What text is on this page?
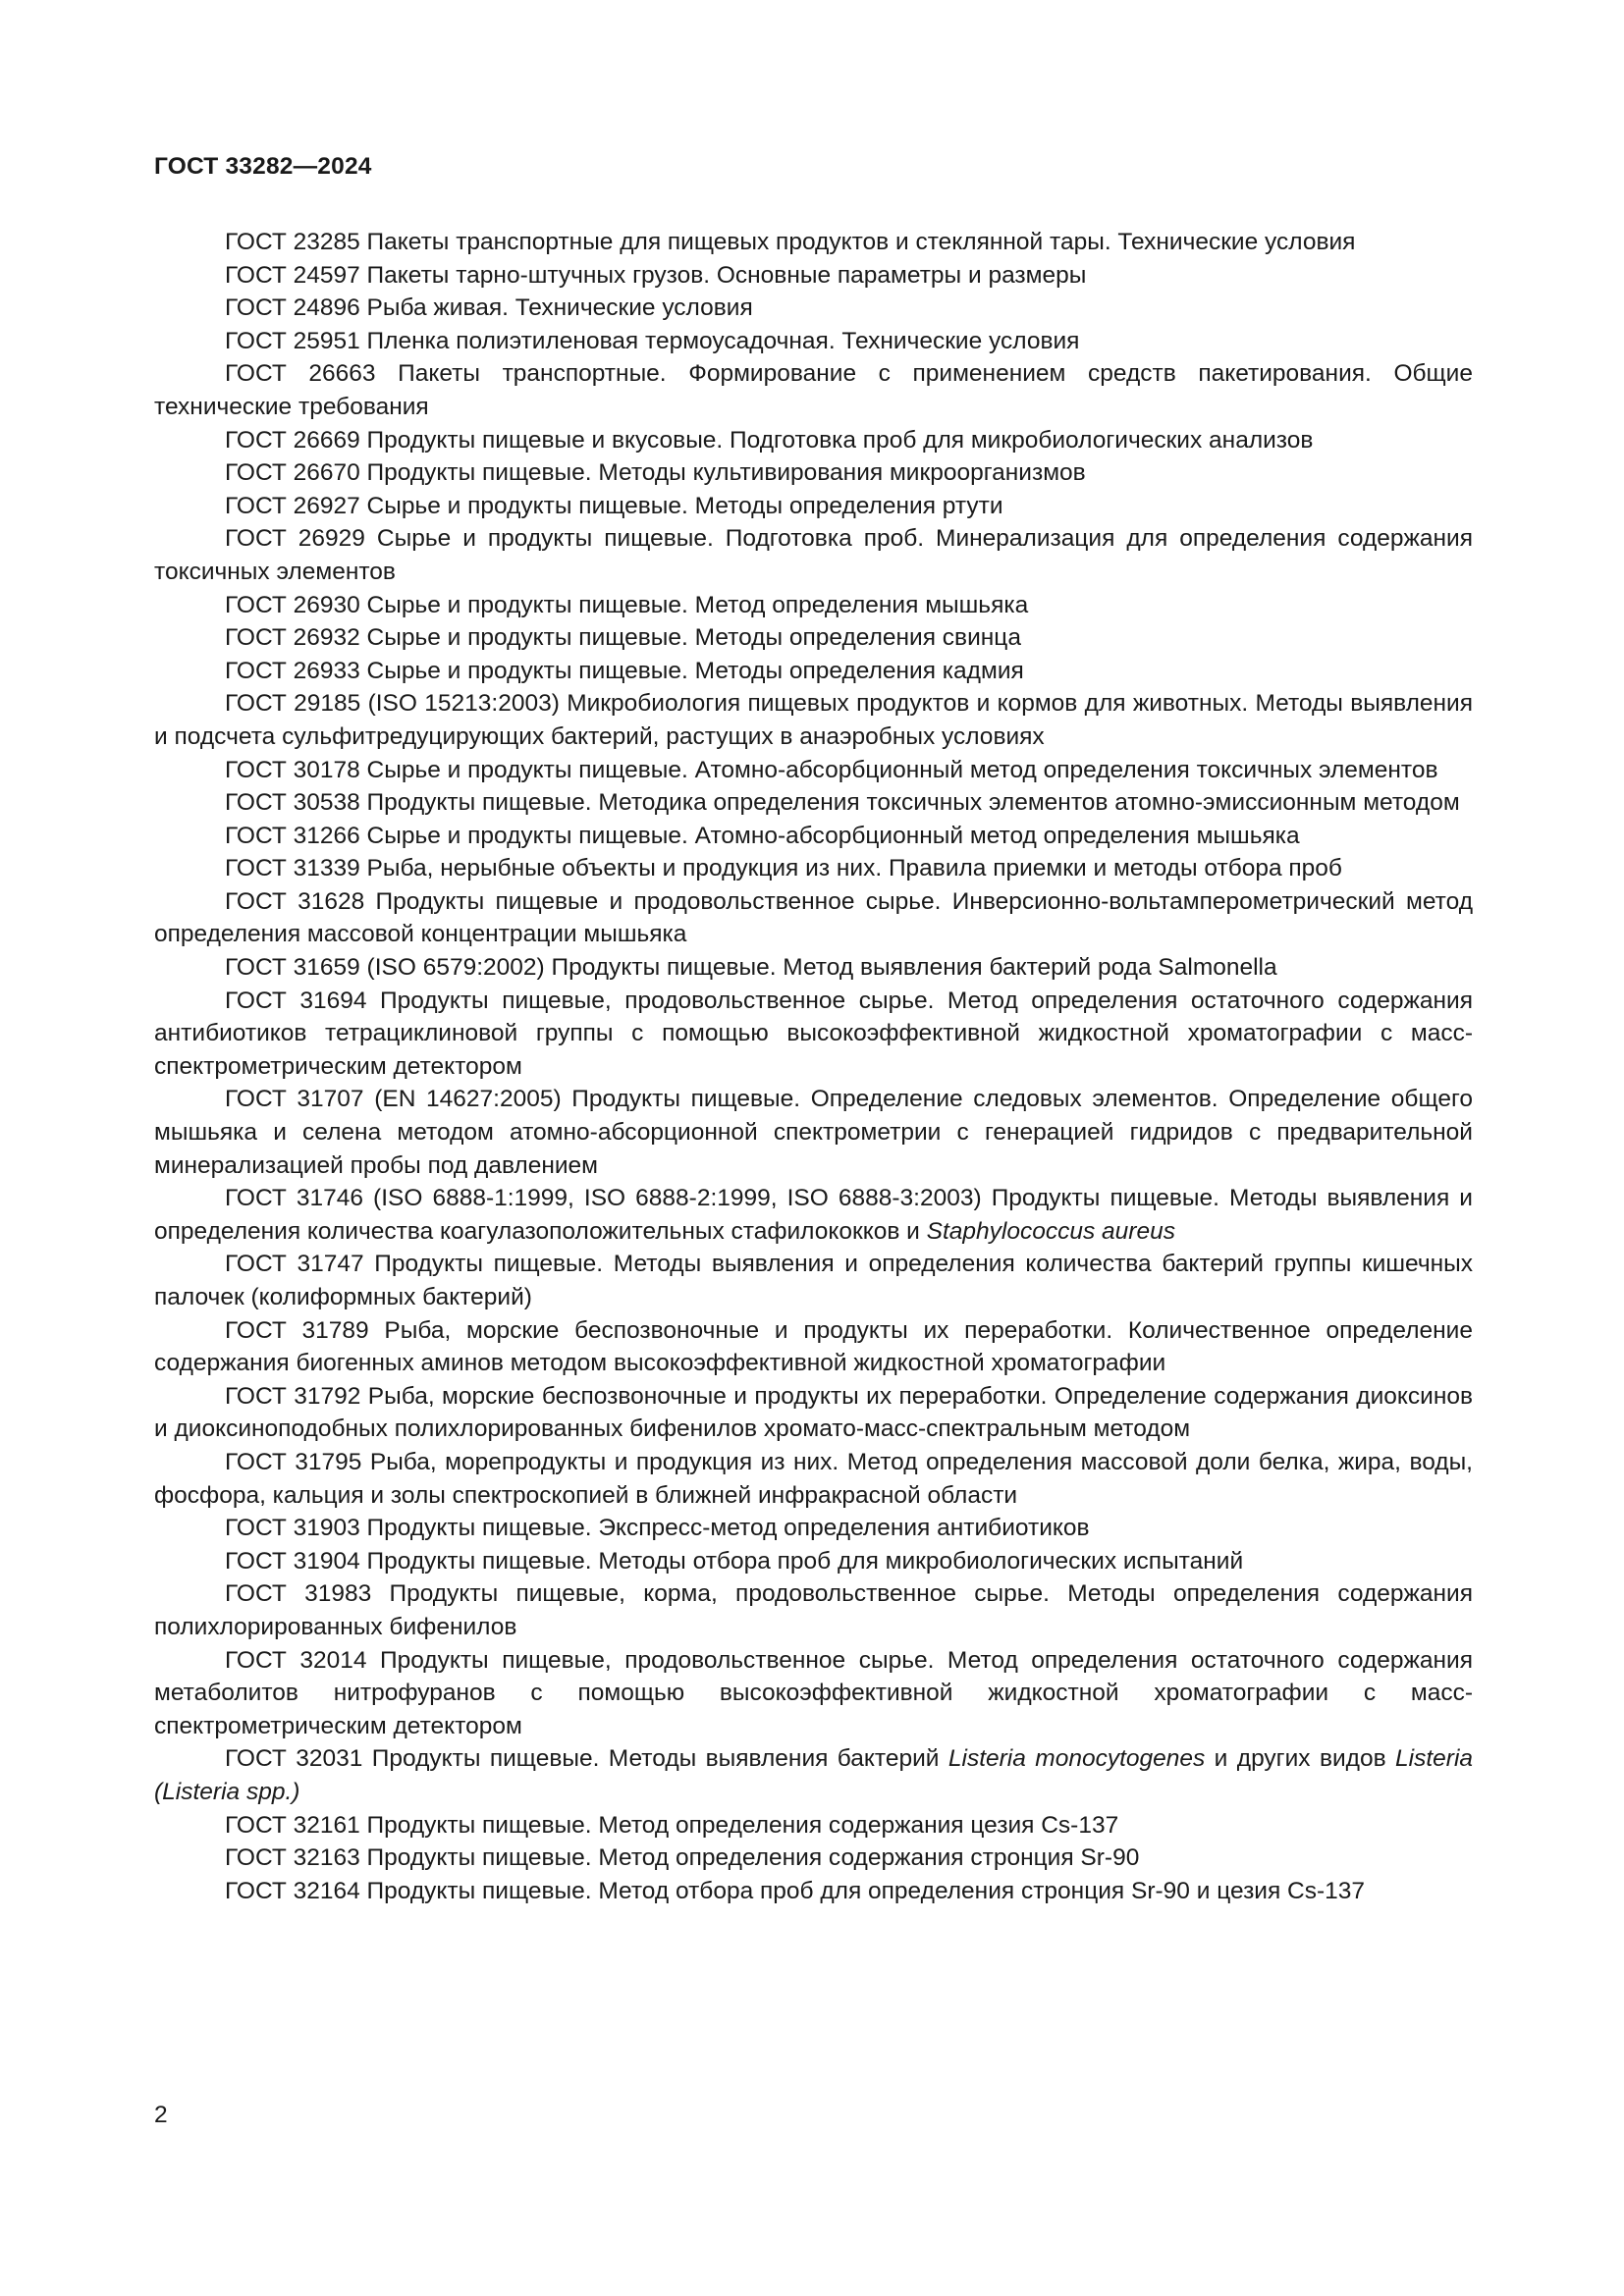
ГОСТ 33282—2024

ГОСТ 23285 Пакеты транспортные для пищевых продуктов и стеклянной тары. Технические условия

ГОСТ 24597 Пакеты тарно-штучных грузов. Основные параметры и размеры

ГОСТ 24896 Рыба живая. Технические условия

ГОСТ 25951 Пленка полиэтиленовая термоусадочная. Технические условия

ГОСТ 26663 Пакеты транспортные. Формирование с применением средств пакетирования. Общие технические требования

ГОСТ 26669 Продукты пищевые и вкусовые. Подготовка проб для микробиологических анализов

ГОСТ 26670 Продукты пищевые. Методы культивирования микроорганизмов

ГОСТ 26927 Сырье и продукты пищевые. Методы определения ртути

ГОСТ 26929 Сырье и продукты пищевые. Подготовка проб. Минерализация для определения содержания токсичных элементов

ГОСТ 26930 Сырье и продукты пищевые. Метод определения мышьяка

ГОСТ 26932 Сырье и продукты пищевые. Методы определения свинца

ГОСТ 26933 Сырье и продукты пищевые. Методы определения кадмия

ГОСТ 29185 (ISO 15213:2003) Микробиология пищевых продуктов и кормов для животных. Методы выявления и подсчета сульфитредуцирующих бактерий, растущих в анаэробных условиях

ГОСТ 30178 Сырье и продукты пищевые. Атомно-абсорбционный метод определения токсичных элементов

ГОСТ 30538 Продукты пищевые. Методика определения токсичных элементов атомно-эмиссионным методом

ГОСТ 31266 Сырье и продукты пищевые. Атомно-абсорбционный метод определения мышьяка

ГОСТ 31339 Рыба, нерыбные объекты и продукция из них. Правила приемки и методы отбора проб

ГОСТ 31628 Продукты пищевые и продовольственное сырье. Инверсионно-вольтамперометрический метод определения массовой концентрации мышьяка

ГОСТ 31659 (ISO 6579:2002) Продукты пищевые. Метод выявления бактерий рода Salmonella

ГОСТ 31694 Продукты пищевые, продовольственное сырье. Метод определения остаточного содержания антибиотиков тетрациклиновой группы с помощью высокоэффективной жидкостной хроматографии с масс-спектрометрическим детектором

ГОСТ 31707 (EN 14627:2005) Продукты пищевые. Определение следовых элементов. Определение общего мышьяка и селена методом атомно-абсорционной спектрометрии с генерацией гидридов с предварительной минерализацией пробы под давлением

ГОСТ 31746 (ISO 6888-1:1999, ISO 6888-2:1999, ISO 6888-3:2003) Продукты пищевые. Методы выявления и определения количества коагулазоположительных стафилококков и Staphylococcus aureus

ГОСТ 31747 Продукты пищевые. Методы выявления и определения количества бактерий группы кишечных палочек (колиформных бактерий)

ГОСТ 31789 Рыба, морские беспозвоночные и продукты их переработки. Количественное определение содержания биогенных аминов методом высокоэффективной жидкостной хроматографии

ГОСТ 31792 Рыба, морские беспозвоночные и продукты их переработки. Определение содержания диоксинов и диоксиноподобных полихлорированных бифенилов хромато-масс-спектральным методом

ГОСТ 31795 Рыба, морепродукты и продукция из них. Метод определения массовой доли белка, жира, воды, фосфора, кальция и золы спектроскопией в ближней инфракрасной области

ГОСТ 31903 Продукты пищевые. Экспресс-метод определения антибиотиков

ГОСТ 31904 Продукты пищевые. Методы отбора проб для микробиологических испытаний

ГОСТ 31983 Продукты пищевые, корма, продовольственное сырье. Методы определения содержания полихлорированных бифенилов

ГОСТ 32014 Продукты пищевые, продовольственное сырье. Метод определения остаточного содержания метаболитов нитрофуранов с помощью высокоэффективной жидкостной хроматографии с масс-спектрометрическим детектором

ГОСТ 32031 Продукты пищевые. Методы выявления бактерий Listeria monocytogenes и других видов Listeria (Listeria spp.)

ГОСТ 32161 Продукты пищевые. Метод определения содержания цезия Cs-137

ГОСТ 32163 Продукты пищевые. Метод определения содержания стронция Sr-90

ГОСТ 32164 Продукты пищевые. Метод отбора проб для определения стронция Sr-90 и цезия Cs-137

2
